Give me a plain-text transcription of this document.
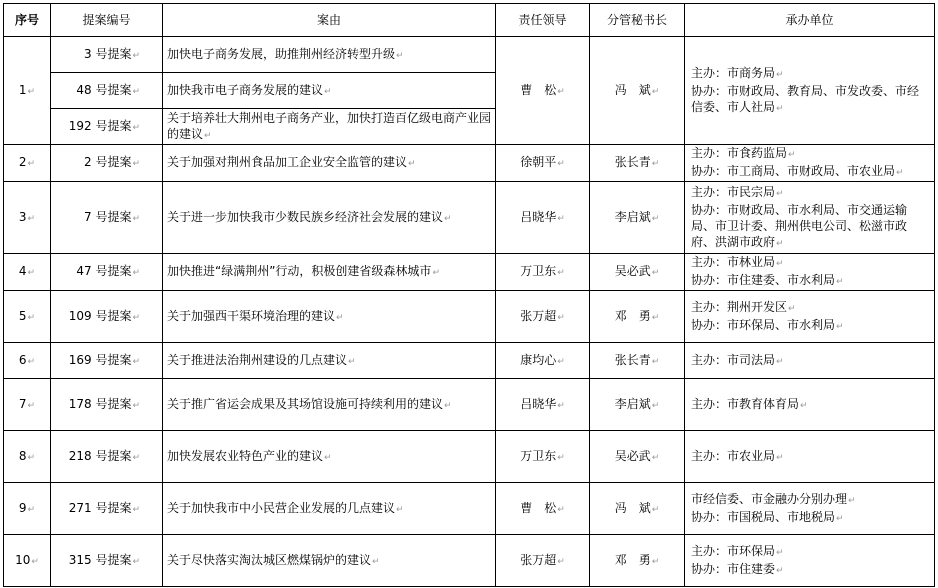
序号	提案编号	案由	责任领导	分管秘书长	承办单位
1↵	3 号提案↵	加快电子商务发展，助推荆州经济转型升级↵	曹　松↵	冯　斌↵	主办：市商务局↵
协办：市财政局、教育局、市发改委、市经信委、市人社局↵

	48 号提案↵	加快我市电子商务发展的建议↵			
	192 号提案↵	关于培养壮大荆州电子商务产业，加快打造百亿级电商产业园的建议↵			
2↵	2 号提案↵	关于加强对荆州食品加工企业安全监管的建议↵	徐朝平↵	张长青↵	主办：市食药监局↵
协办：市工商局、市财政局、市农业局↵

3↵	7 号提案↵	关于进一步加快我市少数民族乡经济社会发展的建议↵	吕晓华↵	李启斌↵	主办：市民宗局↵
协办：市财政局、市水利局、市交通运输局、市卫计委、荆州供电公司、松滋市政府、洪湖市政府↵

4↵	47 号提案↵	加快推进“绿满荆州”行动，积极创建省级森林城市↵	万卫东↵	吴必武↵	主办：市林业局↵
协办：市住建委、市水利局↵

5↵	109 号提案↵	关于加强西干渠环境治理的建议↵	张万超↵	邓　勇↵	主办：荆州开发区↵
协办：市环保局、市水利局↵

6↵	169 号提案↵	关于推进法治荆州建设的几点建议↵	康均心↵	张长青↵	主办：市司法局↵

7↵	178 号提案↵	关于推广省运会成果及其场馆设施可持续利用的建议↵	吕晓华↵	李启斌↵	主办：市教育体育局↵

8↵	218 号提案↵	加快发展农业特色产业的建议↵	万卫东↵	吴必武↵	主办：市农业局↵

9↵	271 号提案↵	关于加快我市中小民营企业发展的几点建议↵	曹　松↵	冯　斌↵	市经信委、市金融办分别办理↵
协办：市国税局、市地税局↵

10↵	315 号提案↵	关于尽快落实淘汰城区燃煤锅炉的建议↵	张万超↵	邓　勇↵	主办：市环保局↵
协办：市住建委↵
